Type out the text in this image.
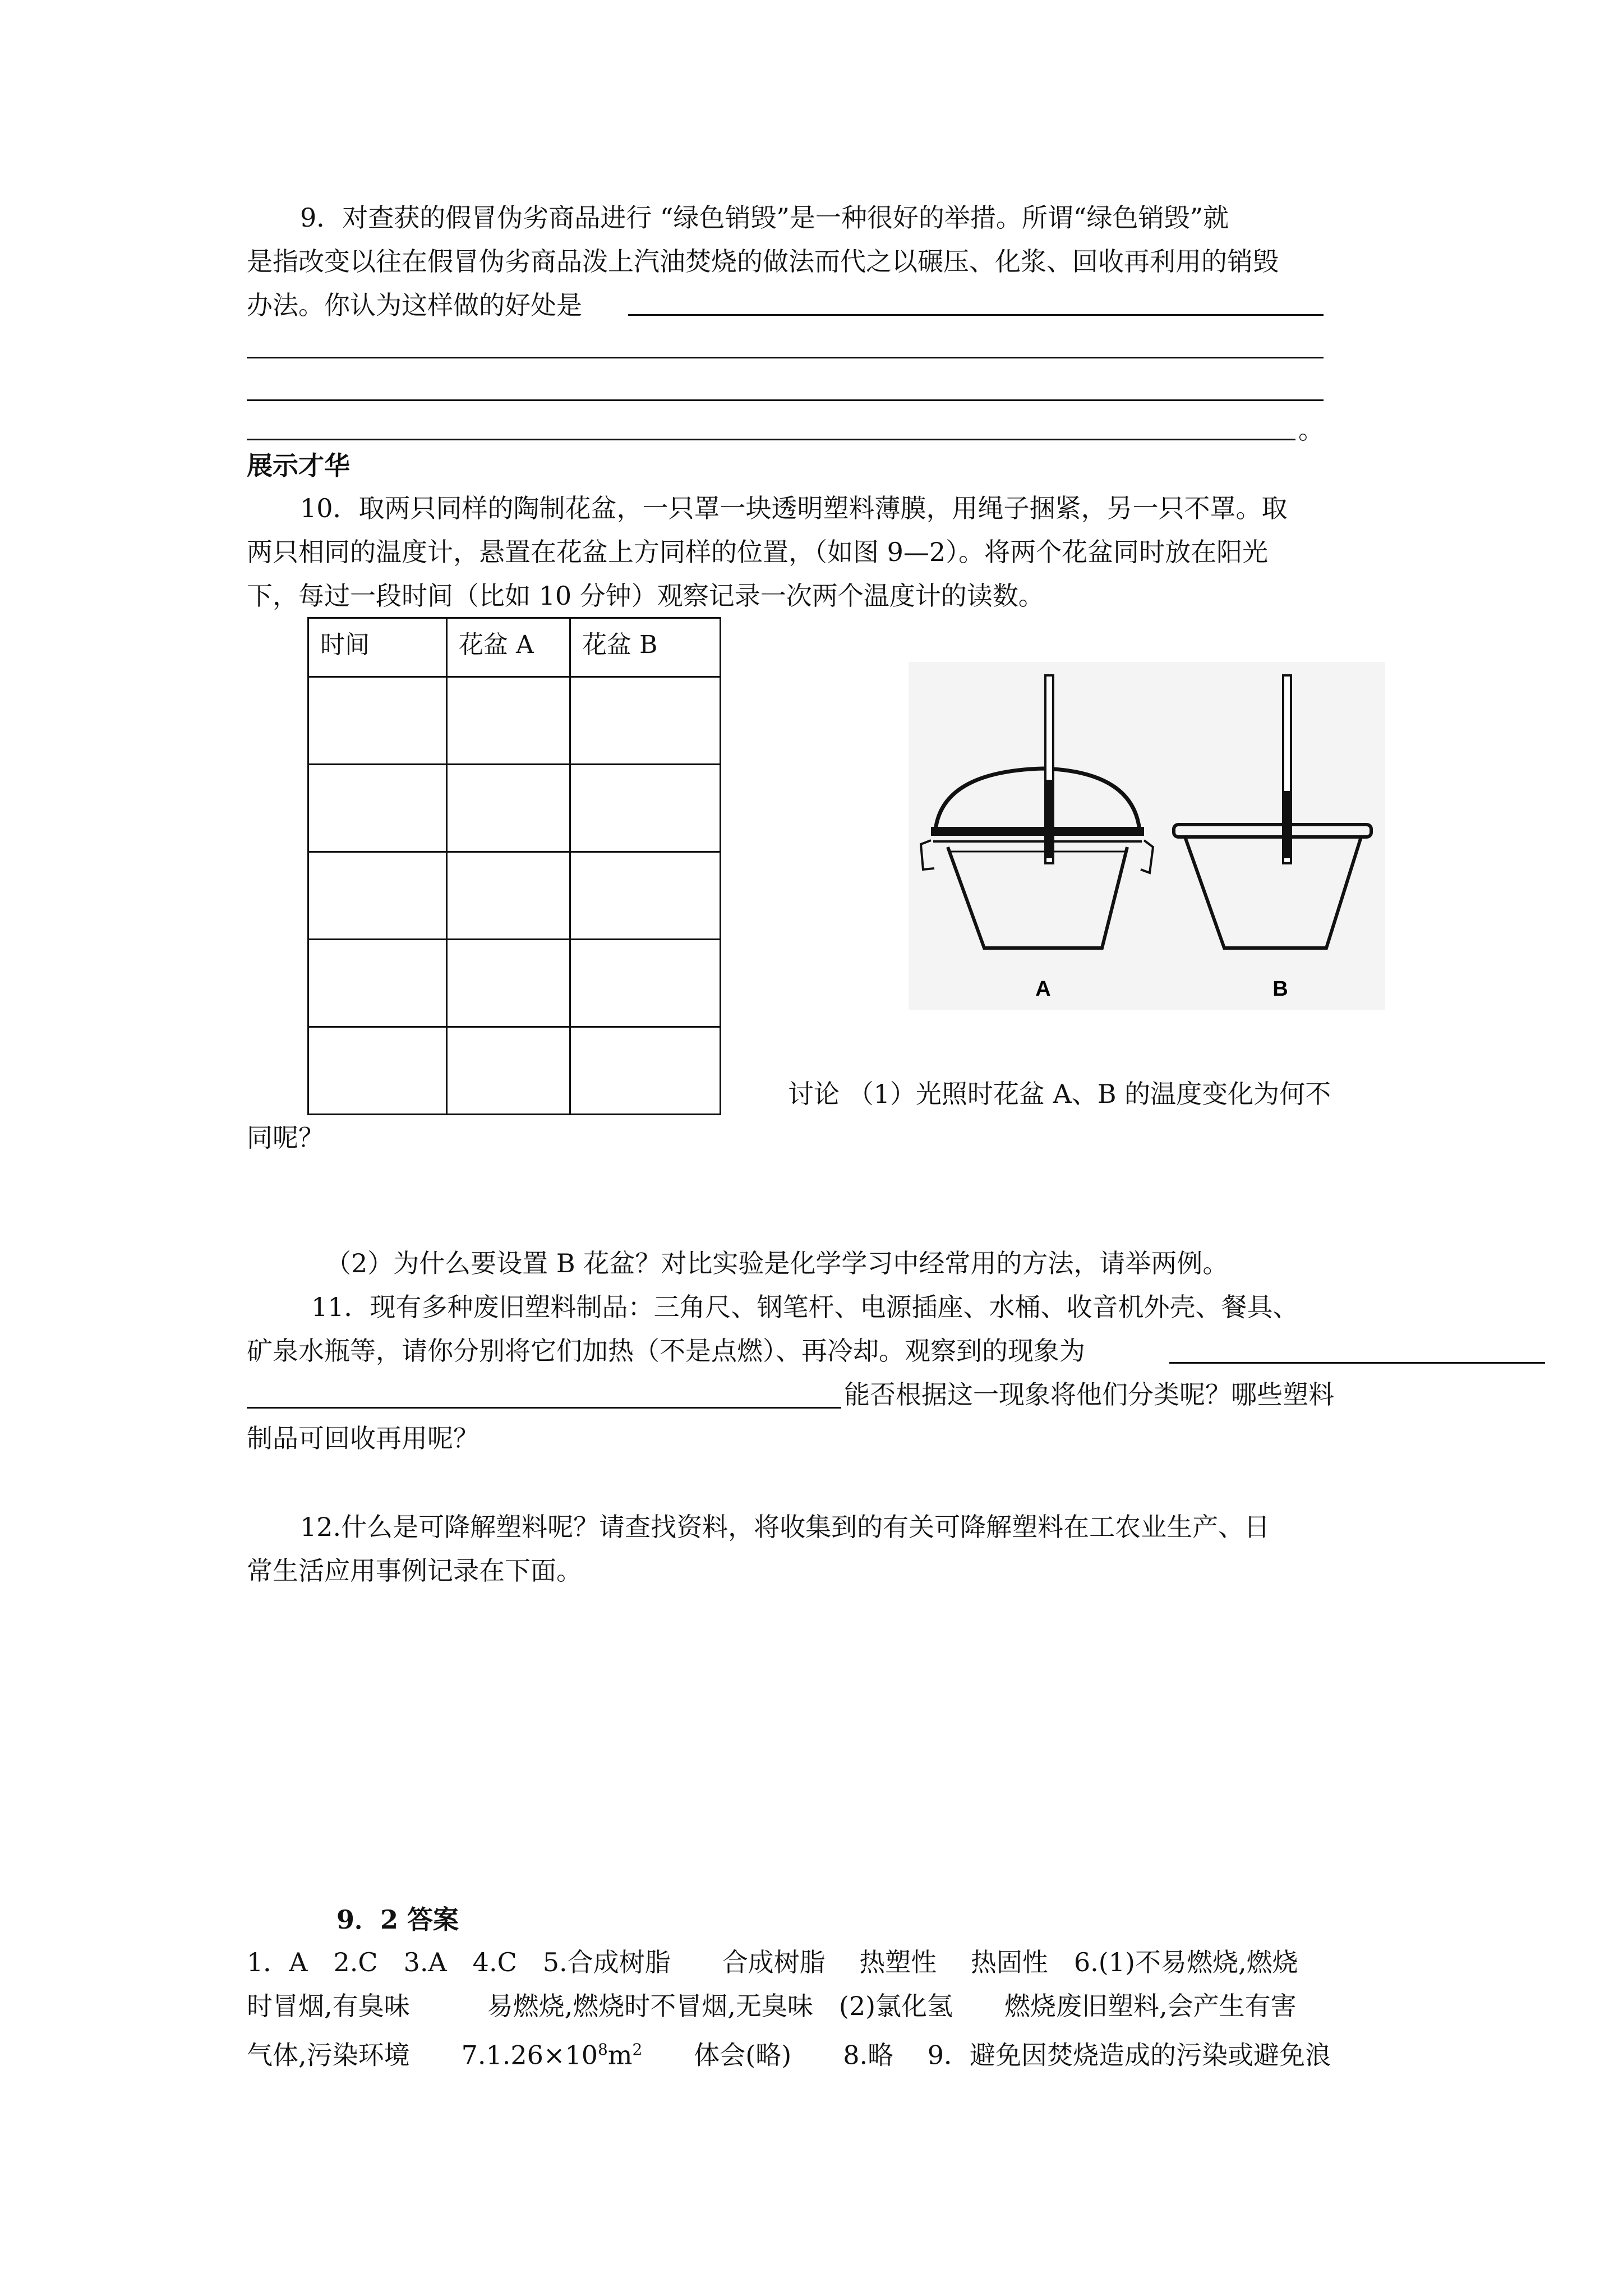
9．对查获的假冒伪劣商品进行 “绿色销毁”是一种很好的举措。所谓“绿色销毁”就
是指改变以往在假冒伪劣商品泼上汽油焚烧的做法而代之以碾压、化浆、回收再利用的销毁
办法。你认为这样做的好处是
。
展示才华
10．取两只同样的陶制花盆，一只罩一块透明塑料薄膜，用绳子捆紧，另一只不罩。取
两只相同的温度计，悬置在花盆上方同样的位置，（如图 9—2）。将两个花盆同时放在阳光
下，每过一段时间（比如 10 分钟）观察记录一次两个温度计的读数。
时间	花盆 A	花盆 B

A	B
讨论 （1）光照时花盆 A、B 的温度变化为何不
同呢？
（2）为什么要设置 B 花盆？对比实验是化学学习中经常用的方法，请举两例。
11．现有多种废旧塑料制品：三角尺、钢笔杆、电源插座、水桶、收音机外壳、餐具、
矿泉水瓶等，请你分别将它们加热（不是点燃）、再冷却。观察到的现象为
能否根据这一现象将他们分类呢？哪些塑料
制品可回收再用呢？
12.什么是可降解塑料呢？请查找资料，将收集到的有关可降解塑料在工农业生产、日
常生活应用事例记录在下面。
9．2 答案
1．A　2.C　3.A　4.C　5.合成树脂　　合成树脂　 热塑性　 热固性　6.(1)不易燃烧,燃烧
时冒烟,有臭味　　　易燃烧,燃烧时不冒烟,无臭味　(2)氯化氢　　燃烧废旧塑料,会产生有害
气体,污染环境　　$7.1.26\times 10^8m^2$　　体会(略)　　8.略　 9．避免因焚烧造成的污染或避免浪
